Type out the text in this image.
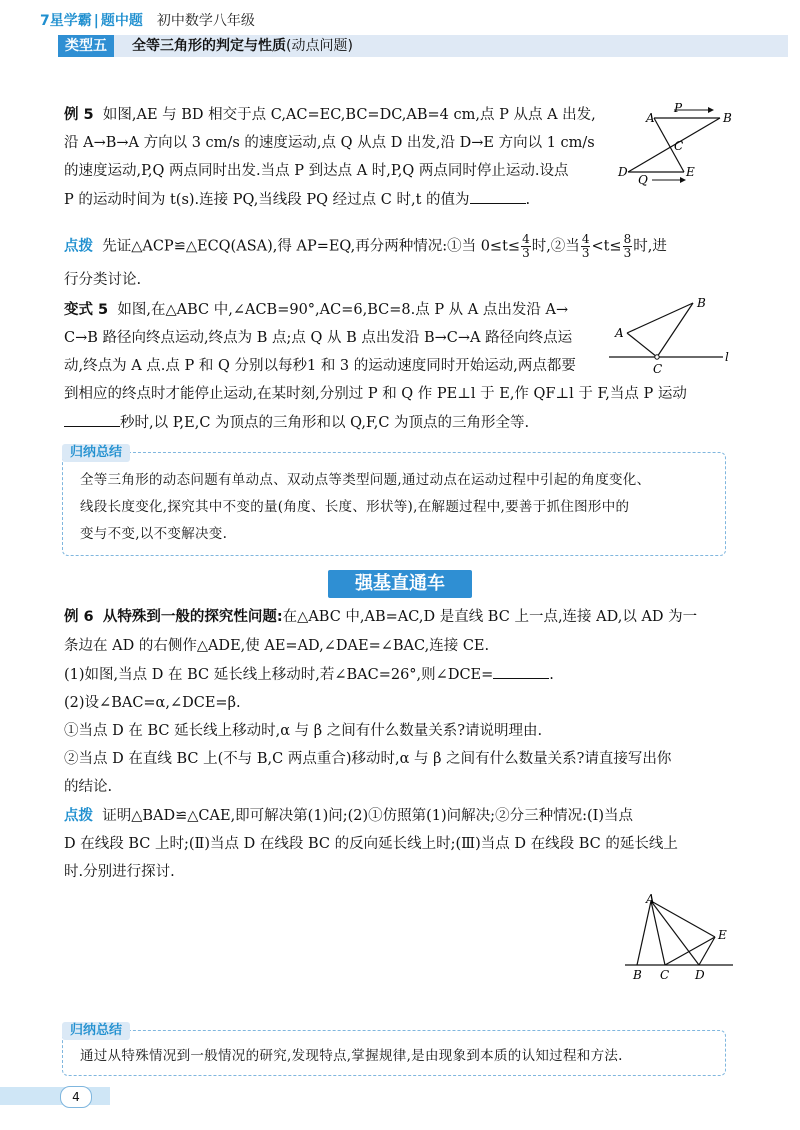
7星学霸 | 题中题 初中数学八年级
类型五	全等三角形的判定与性质(动点问题)
例 5 如图,AE 与 BD 相交于点 C,AC=EC,BC=DC,AB=4 cm,点 P 从点 A 出发,
沿 A→B→A 方向以 3 cm/s 的速度运动,点 Q 从点 D 出发,沿 D→E 方向以 1 cm/s
的速度运动,P,Q 两点同时出发.当点 P 到达点 A 时,P,Q 两点同时停止运动.设点
P 的运动时间为 t(s).连接 PQ,当线段 PQ 经过点 C 时,t 的值为	.
A	B
C
D	E
P
Q
点拨 先证△ACP≌△ECQ(ASA),得 AP=EQ,再分两种情况:①当 $0\le t\le \frac{4}{3}$ 时,②当 $\frac{4}{3} <t\le \frac{8}{3}$ 时,进
行分类讨论.
变式 5 如图,在△ABC 中,∠ACB=90°,AC=6,BC=8.点 P 从 A 点出发沿 A→
C→B 路径向终点运动,终点为 B 点;点 Q 从 B 点出发沿 B→C→A 路径向终点运
动,终点为 A 点.点 P 和 Q 分别以每秒1 和 3 的运动速度同时开始运动,两点都要
到相应的终点时才能停止运动,在某时刻,分别过 P 和 Q 作 PE⊥l 于 E,作 QF⊥l 于 F,当点 P 运动
秒时,以 P,E,C 为顶点的三角形和以 Q,F,C 为顶点的三角形全等.
A
B
C
l
归纳总结
全等三角形的动态问题有单动点、双动点等类型问题,通过动点在运动过程中引起的角度变化、
线段长度变化,探究其中不变的量(角度、长度、形状等),在解题过程中,要善于抓住图形中的
变与不变,以不变解决变.
强基直通车
例 6 从特殊到一般的探究性问题:在△ABC 中,AB=AC,D 是直线 BC 上一点,连接 AD,以 AD 为一
条边在 AD 的右侧作△ADE,使 AE=AD,∠DAE=∠BAC,连接 CE.
(1)如图,当点 D 在 BC 延长线上移动时,若∠BAC=26°,则∠DCE=	.
(2)设∠BAC=α,∠DCE=β.
①当点 D 在 BC 延长线上移动时,α 与 β 之间有什么数量关系?请说明理由.
②当点 D 在直线 BC 上(不与 B,C 两点重合)移动时,α 与 β 之间有什么数量关系?请直接写出你
的结论.
点拨 证明△BAD≌△CAE,即可解决第(1)问;(2)①仿照第(1)问解决;②分三种情况:(Ⅰ)当点
D 在线段 BC 上时;(Ⅱ)当点 D 在线段 BC 的反向延长线上时;(Ⅲ)当点 D 在线段 BC 的延长线上
时.分别进行探讨.
A
B C D
E
归纳总结
通过从特殊情况到一般情况的研究,发现特点,掌握规律,是由现象到本质的认知过程和方法.
4
